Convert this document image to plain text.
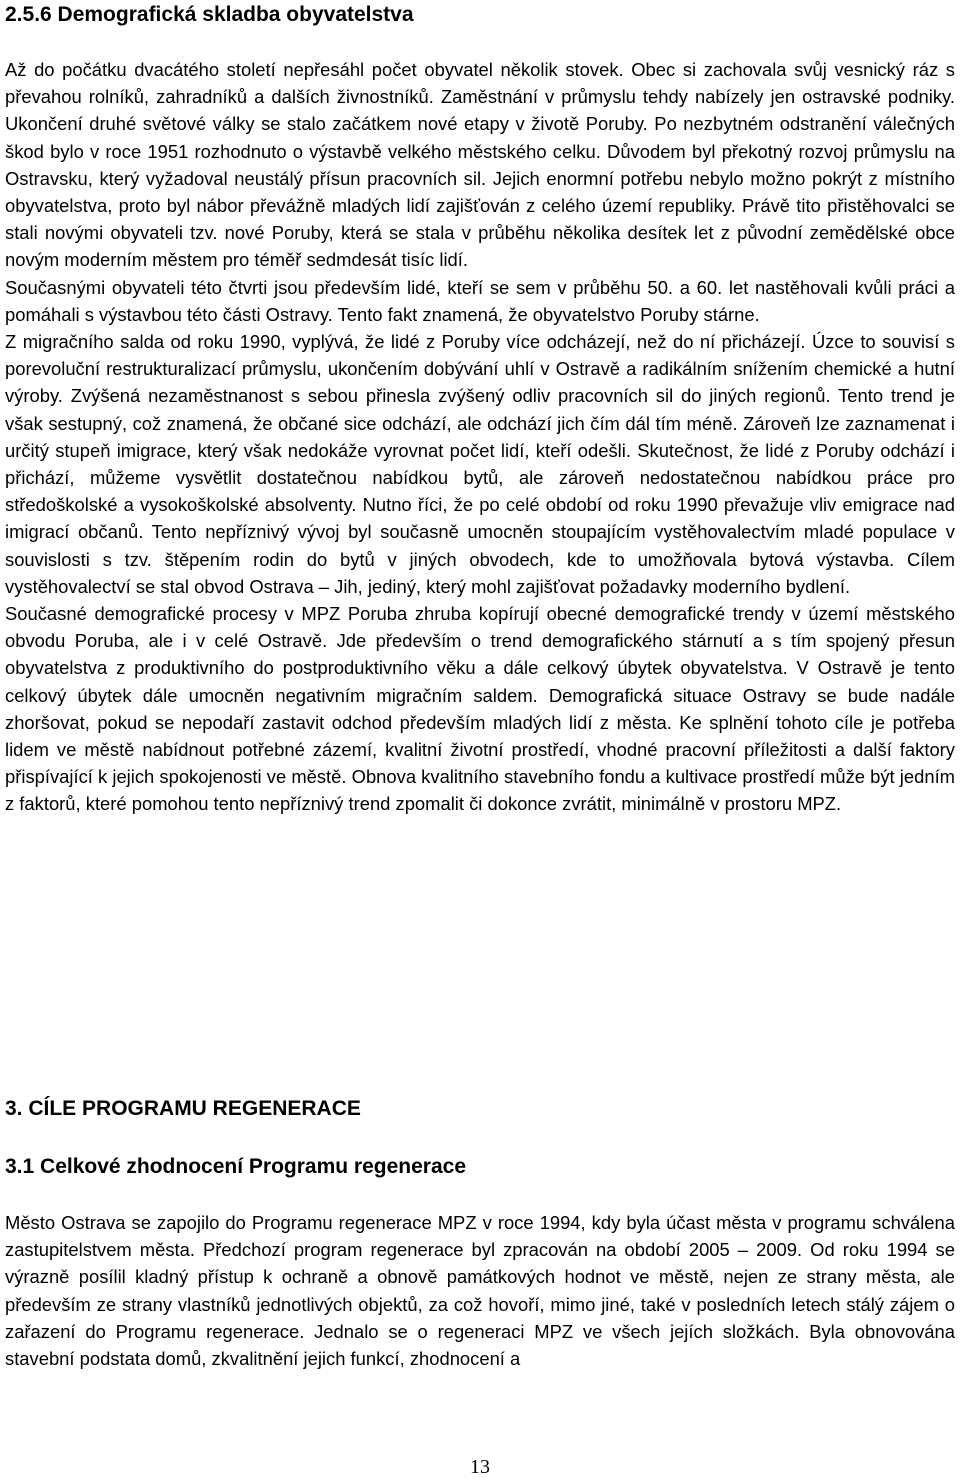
2.5.6 Demografická skladba obyvatelstva

Až do počátku dvacátého století nepřesáhl počet obyvatel několik stovek. Obec si zachovala svůj vesnický ráz s převahou rolníků, zahradníků a dalších živnostníků. Zaměstnání v průmyslu tehdy nabízely jen ostravské podniky. Ukončení druhé světové války se stalo začátkem nové etapy v životě Poruby. Po nezbytném odstranění válečných škod bylo v roce 1951 rozhodnuto o výstavbě velkého městského celku. Důvodem byl překotný rozvoj průmyslu na Ostravsku, který vyžadoval neustálý přísun pracovních sil. Jejich enormní potřebu nebylo možno pokrýt z místního obyvatelstva, proto byl nábor převážně mladých lidí zajišťován z celého území republiky. Právě tito přistěhovalci se stali novými obyvateli tzv. nové Poruby, která se stala v průběhu několika desítek let z původní zemědělské obce novým moderním městem pro téměř sedmdesát tisíc lidí.

Současnými obyvateli této čtvrti jsou především lidé, kteří se sem v průběhu 50. a 60. let nastěhovali kvůli práci a pomáhali s výstavbou této části Ostravy. Tento fakt znamená, že obyvatelstvo Poruby stárne.

Z migračního salda od roku 1990, vyplývá, že lidé z Poruby více odcházejí, než do ní přicházejí. Úzce to souvisí s porevoluční restrukturalizací průmyslu, ukončením dobývání uhlí v Ostravě a radikálním snížením chemické a hutní výroby. Zvýšená nezaměstnanost s sebou přinesla zvýšený odliv pracovních sil do jiných regionů. Tento trend je však sestupný, což znamená, že občané sice odchází, ale odchází jich čím dál tím méně. Zároveň lze zaznamenat i určitý stupeň imigrace, který však nedokáže vyrovnat počet lidí, kteří odešli. Skutečnost, že lidé z Poruby odchází i přichází, můžeme vysvětlit dostatečnou nabídkou bytů, ale zároveň nedostatečnou nabídkou práce pro středoškolské a vysokoškolské absolventy. Nutno říci, že po celé období od roku 1990 převažuje vliv emigrace nad imigrací občanů. Tento nepříznivý vývoj byl současně umocněn stoupajícím vystěhovalectvím mladé populace v souvislosti s tzv. štěpením rodin do bytů v jiných obvodech, kde to umožňovala bytová výstavba. Cílem vystěhovalectví se stal obvod Ostrava – Jih, jediný, který mohl zajišťovat požadavky moderního bydlení.

Současné demografické procesy v MPZ Poruba zhruba kopírují obecné demografické trendy v území městského obvodu Poruba, ale i v celé Ostravě. Jde především o trend demografického stárnutí a s tím spojený přesun obyvatelstva z produktivního do postproduktivního věku a dále celkový úbytek obyvatelstva. V Ostravě je tento celkový úbytek dále umocněn negativním migračním saldem. Demografická situace Ostravy se bude nadále zhoršovat, pokud se nepodaří zastavit odchod především mladých lidí z města. Ke splnění tohoto cíle je potřeba lidem ve městě nabídnout potřebné zázemí, kvalitní životní prostředí, vhodné pracovní příležitosti a další faktory přispívající k jejich spokojenosti ve městě. Obnova kvalitního stavebního fondu a kultivace prostředí může být jedním z faktorů, které pomohou tento nepříznivý trend zpomalit či dokonce zvrátit, minimálně v prostoru MPZ.

3. CÍLE PROGRAMU REGENERACE
3.1 Celkové zhodnocení Programu regenerace

Město Ostrava se zapojilo do Programu regenerace MPZ v roce 1994, kdy byla účast města v programu schválena zastupitelstvem města. Předchozí program regenerace byl zpracován na období 2005 – 2009. Od roku 1994 se výrazně posílil kladný přístup k ochraně a obnově památkových hodnot ve městě, nejen ze strany města, ale především ze strany vlastníků jednotlivých objektů, za což hovoří, mimo jiné, také v posledních letech stálý zájem o zařazení do Programu regenerace. Jednalo se o regeneraci MPZ ve všech jejích složkách. Byla obnovována stavební podstata domů, zkvalitnění jejich funkcí, zhodnocení a

13
